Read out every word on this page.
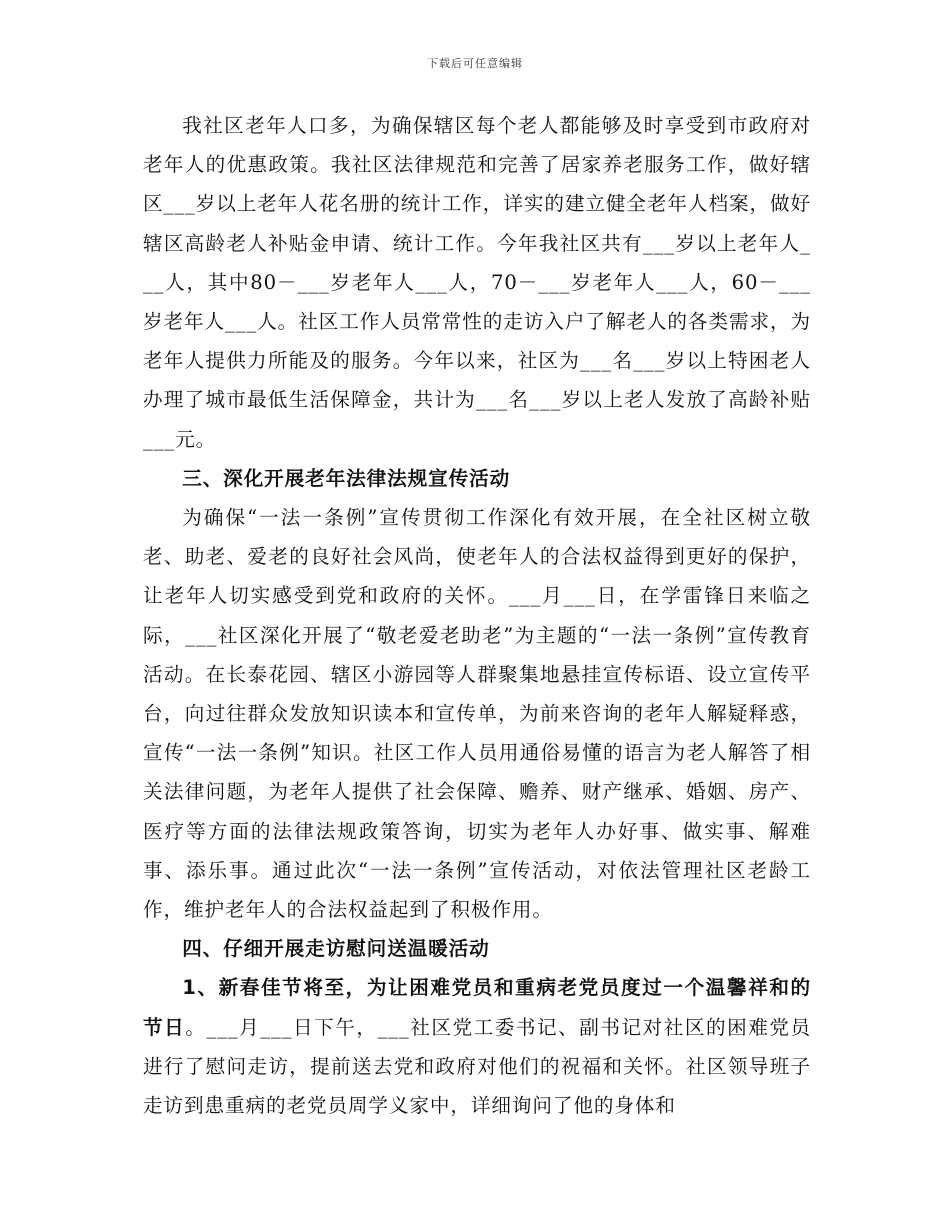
下载后可任意编辑

我社区老年人口多，为确保辖区每个老人都能够及时享受到市政府对老年人的优惠政策。我社区法律规范和完善了居家养老服务工作，做好辖区___岁以上老年人花名册的统计工作，详实的建立健全老年人档案，做好辖区高龄老人补贴金申请、统计工作。今年我社区共有___岁以上老年人___人，其中80－___岁老年人___人，70－___岁老年人___人，60－___岁老年人___人。社区工作人员常常性的走访入户了解老人的各类需求，为老年人提供力所能及的服务。今年以来，社区为___名___岁以上特困老人办理了城市最低生活保障金，共计为___名___岁以上老人发放了高龄补贴___元。

三、深化开展老年法律法规宣传活动

为确保“一法一条例”宣传贯彻工作深化有效开展，在全社区树立敬老、助老、爱老的良好社会风尚，使老年人的合法权益得到更好的保护，让老年人切实感受到党和政府的关怀。___月___日，在学雷锋日来临之际，___社区深化开展了“敬老爱老助老”为主题的“一法一条例”宣传教育活动。在长泰花园、辖区小游园等人群聚集地悬挂宣传标语、设立宣传平台，向过往群众发放知识读本和宣传单，为前来咨询的老年人解疑释惑，宣传“一法一条例”知识。社区工作人员用通俗易懂的语言为老人解答了相关法律问题，为老年人提供了社会保障、赡养、财产继承、婚姻、房产、医疗等方面的法律法规政策答询，切实为老年人办好事、做实事、解难事、添乐事。通过此次“一法一条例”宣传活动，对依法管理社区老龄工作，维护老年人的合法权益起到了积极作用。

四、仔细开展走访慰问送温暖活动

1、新春佳节将至，为让困难党员和重病老党员度过一个温馨祥和的节日。___月___日下午，___社区党工委书记、副书记对社区的困难党员进行了慰问走访，提前送去党和政府对他们的祝福和关怀。社区领导班子走访到患重病的老党员周学义家中，详细询问了他的身体和
